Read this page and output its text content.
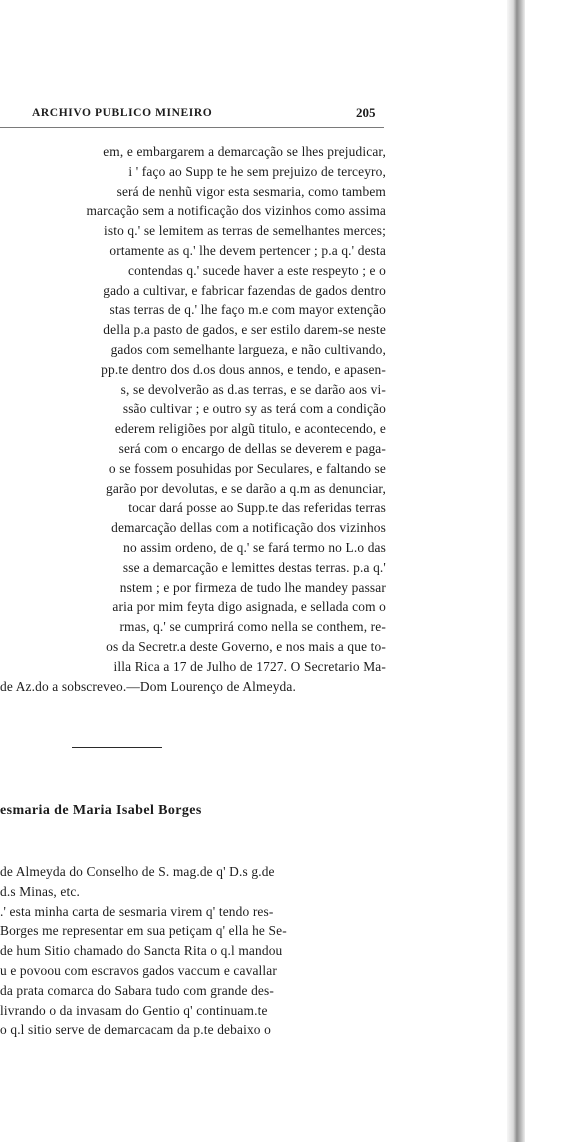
ARCHIVO PUBLICO MINEIRO	205
em, e embargarem a demarcação se lhes prejudicar,
i ' faço ao Supp te he sem prejuizo de terceyro,
será de nenhũ vigor esta sesmaria, como tambem
marcação sem a notificação dos vizinhos como assima
isto q.' se lemitem as terras de semelhantes merces;
ortamente as q.' lhe devem pertencer ; p.a q.' desta
contendas q.' sucede haver a este respeyto ; e o
gado a cultivar, e fabricar fazendas de gados dentro
stas terras de q.' lhe faço m.e com mayor extenção
della p.a pasto de gados, e ser estilo darem-se neste
gados com semelhante largueza, e não cultivando,
pp.te dentro dos d.os dous annos, e tendo, e apasen-
s, se devolverão as d.as terras, e se darão aos vi-
ssão cultivar ; e outro sy as terá com a condição
ederem religiões por algũ titulo, e acontecendo, e
será com o encargo de dellas se deverem e paga-
o se fossem posuhidas por Seculares, e faltando se
garão por devolutas, e se darão a q.m as denunciar,
tocar dará posse ao Supp.te das referidas terras
demarcação dellas com a notificação dos vizinhos
no assim ordeno, de q.' se fará termo no L.o das
sse a demarcação e lemittes destas terras. p.a q.'
nstem ; e por firmeza de tudo lhe mandey passar
aria por mim feyta digo asignada, e sellada com o
rmas, q.' se cumprirá como nella se conthem, re-
os da Secretr.a deste Governo, e nos mais a que to-
illa Rica a 17 de Julho de 1727. O Secretario Ma-
de Az.do a sobscreveo.—Dom Lourenço de Almeyda.
esmaria de Maria Isabel Borges
de Almeyda do Conselho de S. mag.de q' D.s g.de
d.s Minas, etc.
.' esta minha carta de sesmaria virem q' tendo res-
Borges me representar em sua petiçam q' ella he Se-
de hum Sitio chamado do Sancta Rita o q.l mandou
u e povoou com escravos gados vaccum e cavallar
da prata comarca do Sabara tudo com grande des-
livrando o da invasam do Gentio q' continuam.te
o q.l sitio serve de demarcacam da p.te debaixo o
